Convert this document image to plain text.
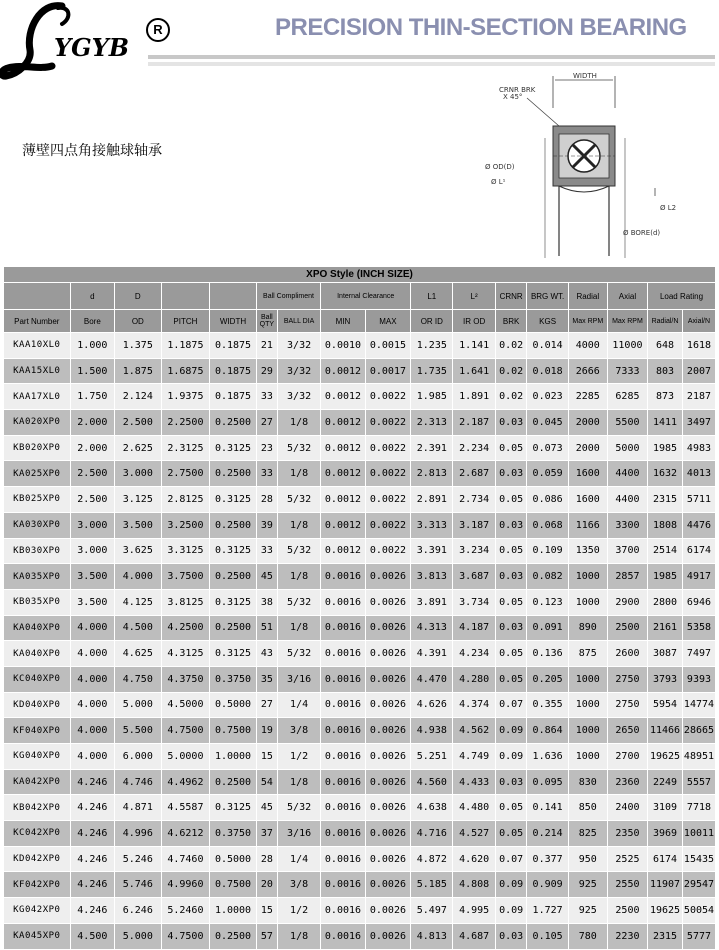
YGYB
R	PRECISION THIN-SECTION BEARING
薄壁四点角接触球轴承
WIDTH
CRNR BRK
X 45°
Ø OD(D)
Ø L¹
Ø L2
Ø BORE(d)
XPO Style (INCH SIZE)																
	d	D			Ball Compliment		Internal Clearance		L1	L²	CRNR	BRG WT.	Radial	Axial	Load Rating	
Part Number	Bore	OD	PITCH	WIDTH	Ball QTY	BALL DIA	MIN	MAX	OR ID	IR OD	BRK	KGS	Max RPM	Max RPM	Radial/N	Axial/N
KAA10XL0	1.000	1.375	1.1875	0.1875	21	3/32	0.0010	0.0015	1.235	1.141	0.02	0.014	4000	11000	648	1618
KAA15XL0	1.500	1.875	1.6875	0.1875	29	3/32	0.0012	0.0017	1.735	1.641	0.02	0.018	2666	7333	803	2007
KAA17XL0	1.750	2.124	1.9375	0.1875	33	3/32	0.0012	0.0022	1.985	1.891	0.02	0.023	2285	6285	873	2187
KA020XP0	2.000	2.500	2.2500	0.2500	27	1/8	0.0012	0.0022	2.313	2.187	0.03	0.045	2000	5500	1411	3497
KB020XP0	2.000	2.625	2.3125	0.3125	23	5/32	0.0012	0.0022	2.391	2.234	0.05	0.073	2000	5000	1985	4983
KA025XP0	2.500	3.000	2.7500	0.2500	33	1/8	0.0012	0.0022	2.813	2.687	0.03	0.059	1600	4400	1632	4013
KB025XP0	2.500	3.125	2.8125	0.3125	28	5/32	0.0012	0.0022	2.891	2.734	0.05	0.086	1600	4400	2315	5711
KA030XP0	3.000	3.500	3.2500	0.2500	39	1/8	0.0012	0.0022	3.313	3.187	0.03	0.068	1166	3300	1808	4476
KB030XP0	3.000	3.625	3.3125	0.3125	33	5/32	0.0012	0.0022	3.391	3.234	0.05	0.109	1350	3700	2514	6174
KA035XP0	3.500	4.000	3.7500	0.2500	45	1/8	0.0016	0.0026	3.813	3.687	0.03	0.082	1000	2857	1985	4917
KB035XP0	3.500	4.125	3.8125	0.3125	38	5/32	0.0016	0.0026	3.891	3.734	0.05	0.123	1000	2900	2800	6946
KA040XP0	4.000	4.500	4.2500	0.2500	51	1/8	0.0016	0.0026	4.313	4.187	0.03	0.091	890	2500	2161	5358
KA040XP0	4.000	4.625	4.3125	0.3125	43	5/32	0.0016	0.0026	4.391	4.234	0.05	0.136	875	2600	3087	7497
KC040XP0	4.000	4.750	4.3750	0.3750	35	3/16	0.0016	0.0026	4.470	4.280	0.05	0.205	1000	2750	3793	9393
KD040XP0	4.000	5.000	4.5000	0.5000	27	1/4	0.0016	0.0026	4.626	4.374	0.07	0.355	1000	2750	5954	14774
KF040XP0	4.000	5.500	4.7500	0.7500	19	3/8	0.0016	0.0026	4.938	4.562	0.09	0.864	1000	2650	11466	28665
KG040XP0	4.000	6.000	5.0000	1.0000	15	1/2	0.0016	0.0026	5.251	4.749	0.09	1.636	1000	2700	19625	48951
KA042XP0	4.246	4.746	4.4962	0.2500	54	1/8	0.0016	0.0026	4.560	4.433	0.03	0.095	830	2360	2249	5557
KB042XP0	4.246	4.871	4.5587	0.3125	45	5/32	0.0016	0.0026	4.638	4.480	0.05	0.141	850	2400	3109	7718
KC042XP0	4.246	4.996	4.6212	0.3750	37	3/16	0.0016	0.0026	4.716	4.527	0.05	0.214	825	2350	3969	10011
KD042XP0	4.246	5.246	4.7460	0.5000	28	1/4	0.0016	0.0026	4.872	4.620	0.07	0.377	950	2525	6174	15435
KF042XP0	4.246	5.746	4.9960	0.7500	20	3/8	0.0016	0.0026	5.185	4.808	0.09	0.909	925	2550	11907	29547
KG042XP0	4.246	6.246	5.2460	1.0000	15	1/2	0.0016	0.0026	5.497	4.995	0.09	1.727	925	2500	19625	50054
KA045XP0	4.500	5.000	4.7500	0.2500	57	1/8	0.0016	0.0026	4.813	4.687	0.03	0.105	780	2230	2315	5777
